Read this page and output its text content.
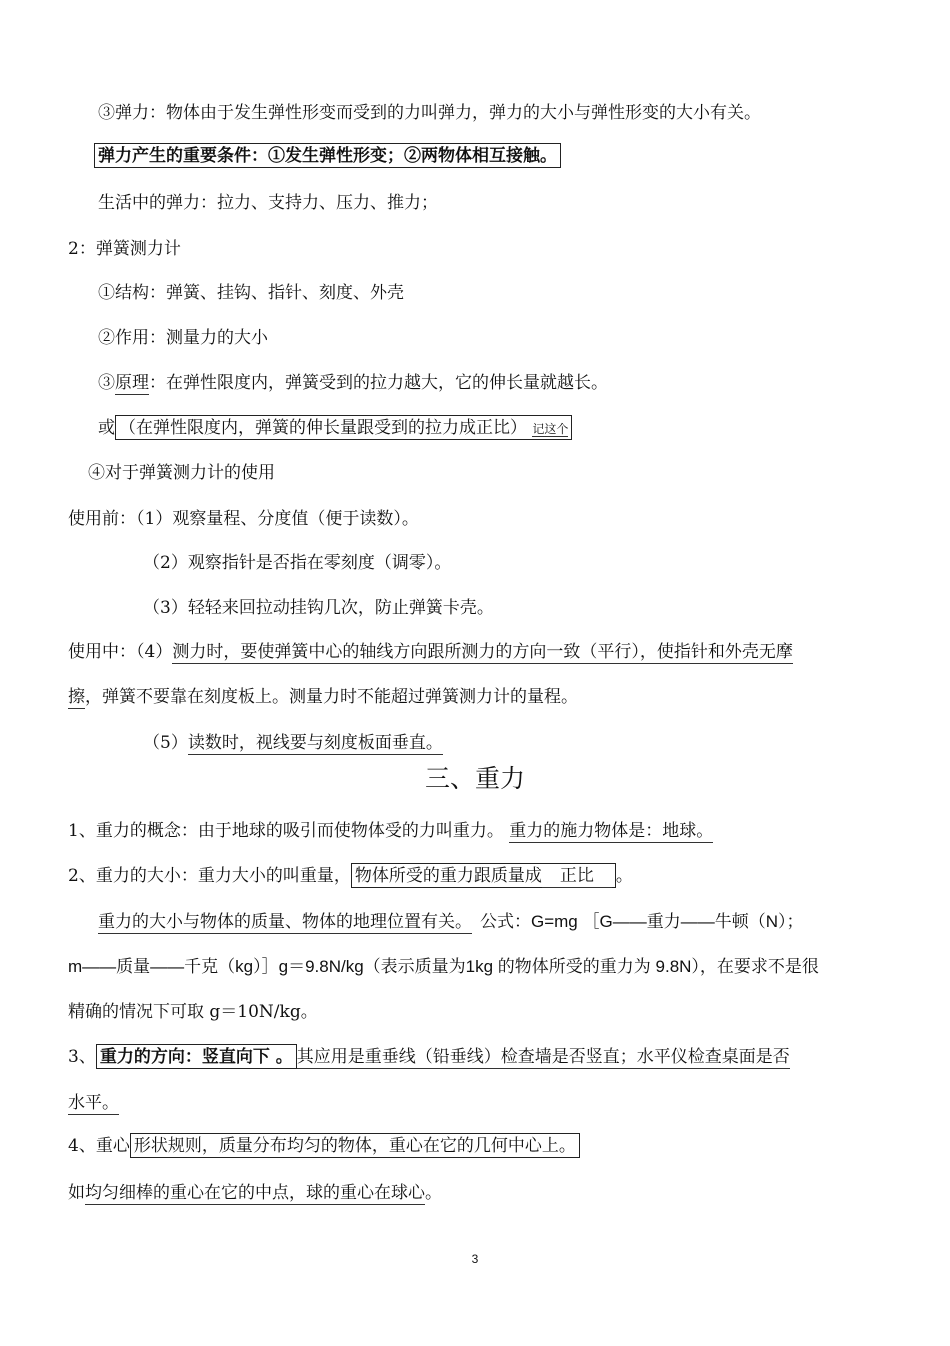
③弹力：物体由于发生弹性形变而受到的力叫弹力，弹力的大小与弹性形变的大小有关。
弹力产生的重要条件：①发生弹性形变；②两物体相互接触。
生活中的弹力：拉力、支持力、压力、推力；
2：弹簧测力计
①结构：弹簧、挂钩、指针、刻度、外壳
②作用：测量力的大小
③原理：在弹性限度内，弹簧受到的拉力越大，它的伸长量就越长。
或 （在弹性限度内，弹簧的伸长量跟受到的拉力成正比） 记这个
④对于弹簧测力计的使用
使用前：（1）观察量程、分度值（便于读数）。
（2）观察指针是否指在零刻度（调零）。
（3）轻轻来回拉动挂钩几次，防止弹簧卡壳。
使用中：（4）测力时，要使弹簧中心的轴线方向跟所测力的方向一致（平行），使指针和外壳无摩
擦，弹簧不要靠在刻度板上。测量力时不能超过弹簧测力计的量程。
（5）读数时，视线要与刻度板面垂直。
三、重力
1、重力的概念：由于地球的吸引而使物体受的力叫重力。 重力的施力物体是：地球。
2、重力的大小：重力大小的叫重量， 物体所受的重力跟质量成 正比 。
重力的大小与物体的质量、物体的地理位置有关。 公式：G=mg ［G——重力——牛顿（N）；
m——质量——千克（kg）］g＝9.8N/kg（表示质量为1kg 的物体所受的重力为 9.8N），在要求不是很
精确的情况下可取 g＝10N/kg。
3、 重力的方向：竖直向下 。 其应用是重垂线（铅垂线）检查墙是否竖直；水平仪检查桌面是否
水平。
4、重心 形状规则，质量分布均匀的物体，重心在它的几何中心上。
如均匀细棒的重心在它的中点，球的重心在球心。
3
